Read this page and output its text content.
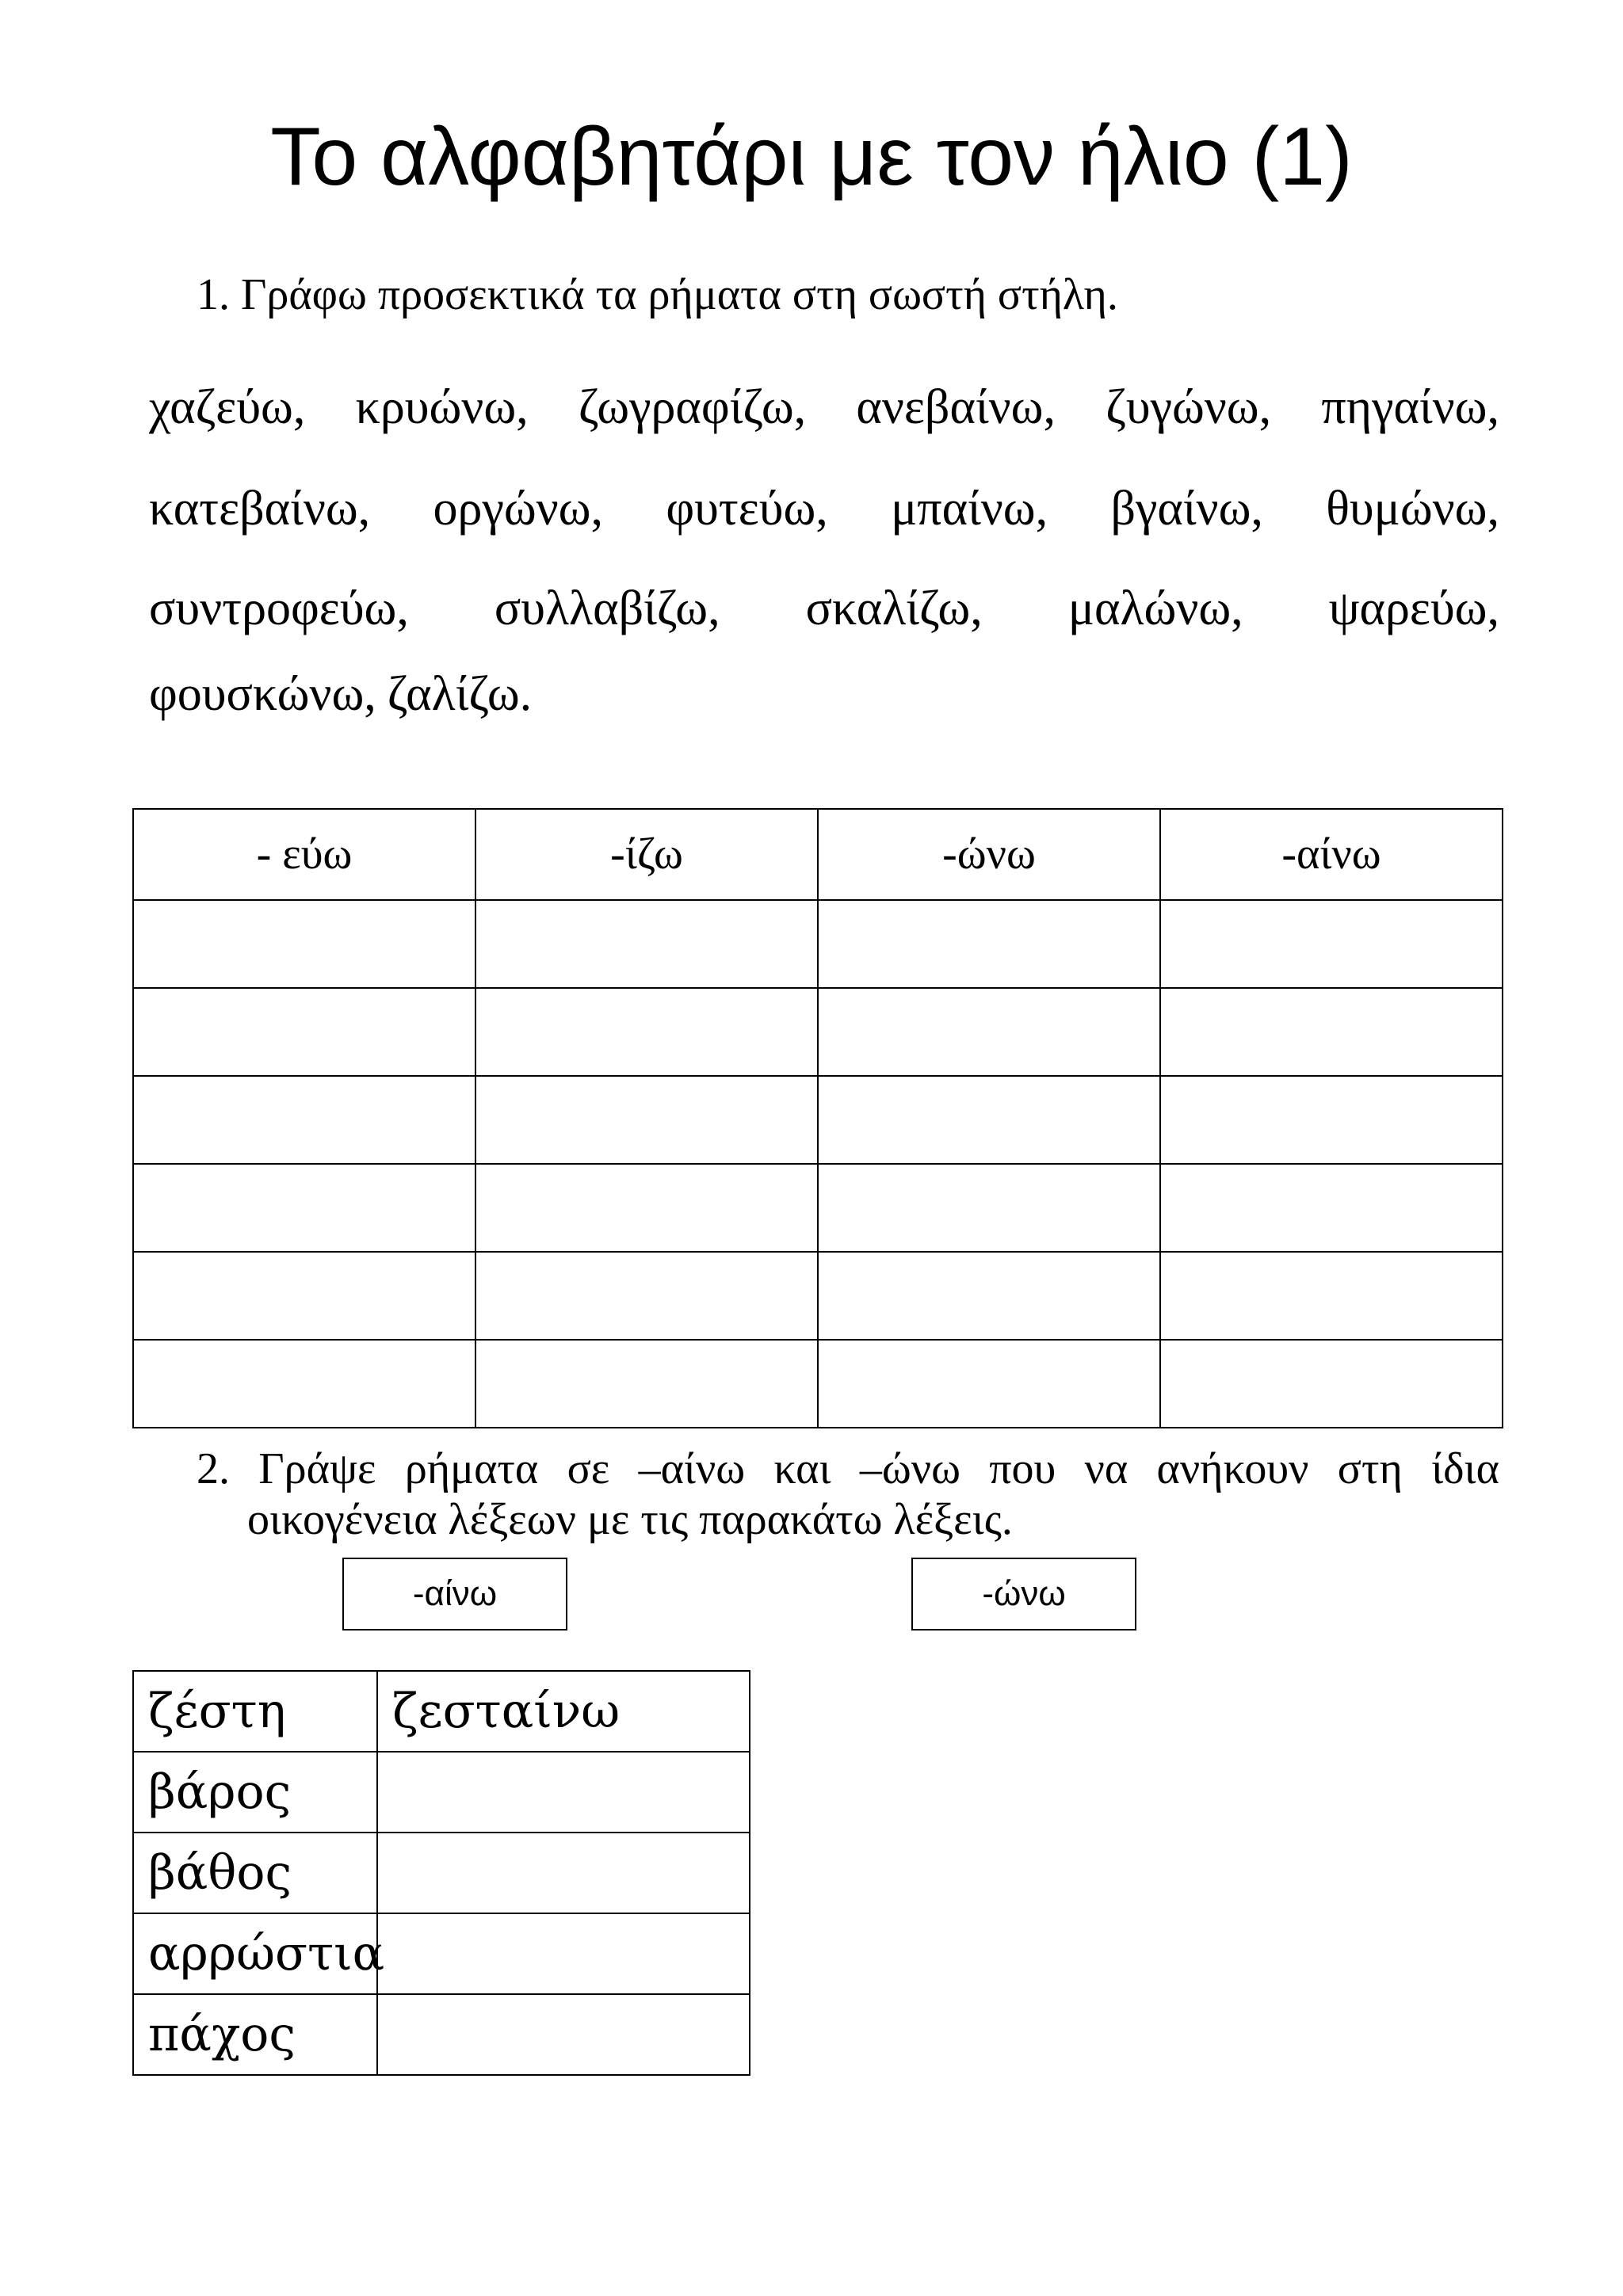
Το αλφαβητάρι με τον ήλιο (1)
1. Γράφω προσεκτικά τα ρήματα στη σωστή στήλη.
χαζεύω, κρυώνω, ζωγραφίζω, ανεβαίνω, ζυγώνω, πηγαίνω,
κατεβαίνω, οργώνω, φυτεύω, μπαίνω, βγαίνω, θυμώνω,
συντροφεύω, συλλαβίζω, σκαλίζω, μαλώνω, ψαρεύω,
φουσκώνω, ζαλίζω.
- εύω	-ίζω	-ώνω	-αίνω

2. Γράψε ρήματα σε –αίνω και –ώνω που να ανήκουν στη ίδια
οικογένεια λέξεων με τις παρακάτω λέξεις.
-αίνω	-ώνω
ζέστη	ζεσταίνω
βάρος	
βάθος	
αρρώστια	
πάχος	
